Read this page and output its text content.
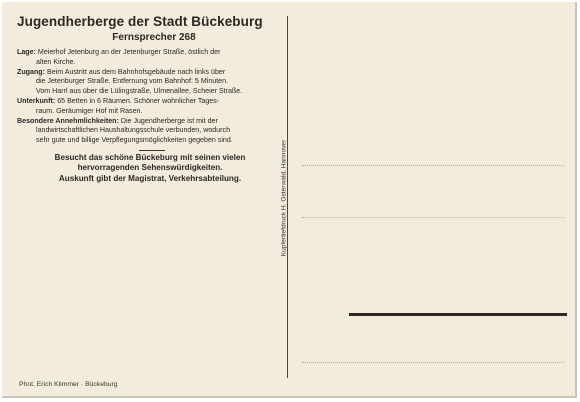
Jugendherberge der Stadt Bückeburg
Fernsprecher 268
Lage: Meierhof Jetenburg an der Jetenburger Straße, östlich der
alten Kirche.
Zugang: Beim Austritt aus dem Bahnhofsgebäude nach links über
die Jetenburger Straße. Entfernung vom Bahnhof: 5 Minuten.
Vom Harrl aus über die Lülingstraße, Ulmenallee, Scheier Straße.
Unterkunft: 65 Betten in 6 Räumen. Schöner wohnlicher Tages-
raum. Geräumiger Hof mit Rasen.
Besondere Annehmlichkeiten: Die Jugendherberge ist mit der
landwirtschaftlichen Haushaltungsschule verbunden, wodurch
sehr gute und billige Verpflegungsmöglichkeiten gegeben sind.
Besucht das schöne Bückeburg mit seinen vielen
hervorragenden Sehenswürdigkeiten.
Auskunft gibt der Magistrat, Verkehrsabteilung.
Phot. Erich Klimmer · Bückeburg
Kupfertiefdruck H. Osterwald, Hannover
